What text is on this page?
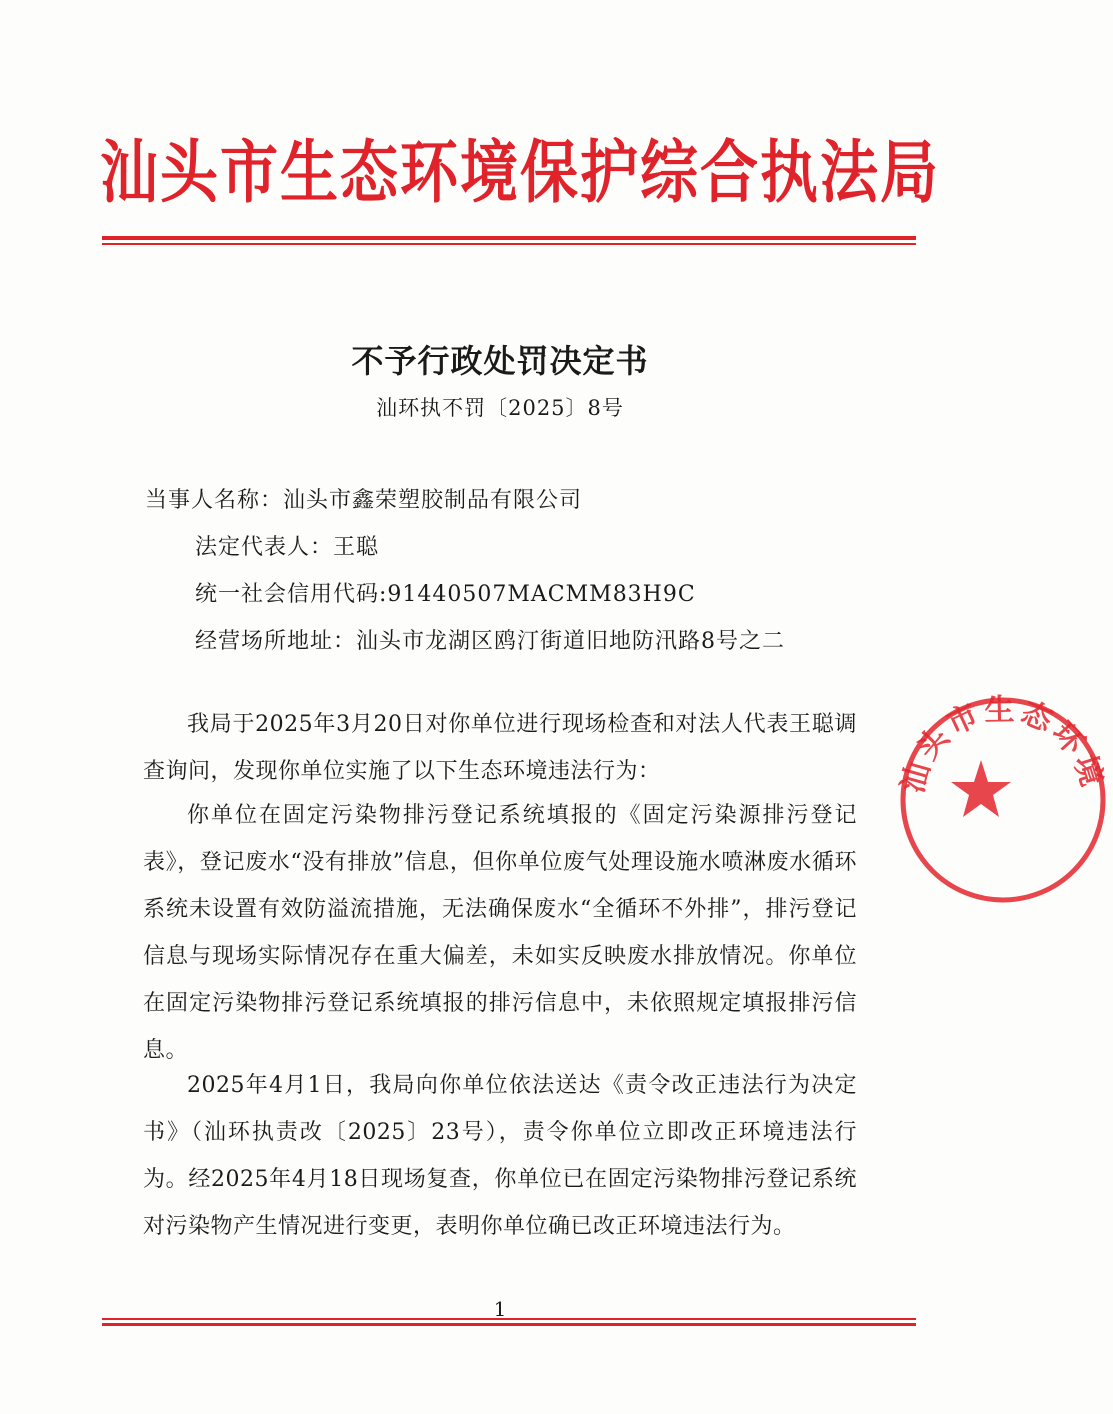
汕头市生态环境保护综合执法局
不予行政处罚决定书
汕环执不罚〔2025〕8号
当事人名称：汕头市鑫荣塑胶制品有限公司
法定代表人：王聪
统一社会信用代码:91440507MACMM83H9C
经营场所地址：汕头市龙湖区鸥汀街道旧地防汛路8号之二
我局于2025年3月20日对你单位进行现场检查和对法人代表王聪调查询问，发现你单位实施了以下生态环境违法行为：
你单位在固定污染物排污登记系统填报的《固定污染源排污登记表》，登记废水“没有排放”信息，但你单位废气处理设施水喷淋废水循环系统未设置有效防溢流措施，无法确保废水“全循环不外排”，排污登记信息与现场实际情况存在重大偏差，未如实反映废水排放情况。你单位在固定污染物排污登记系统填报的排污信息中，未依照规定填报排污信息。
2025年4月1日，我局向你单位依法送达《责令改正违法行为决定书》（汕环执责改〔2025〕23号），责令你单位立即改正环境违法行为。经2025年4月18日现场复查，你单位已在固定污染物排污登记系统对污染物产生情况进行变更，表明你单位确已改正环境违法行为。
汕头市生态环境
1
